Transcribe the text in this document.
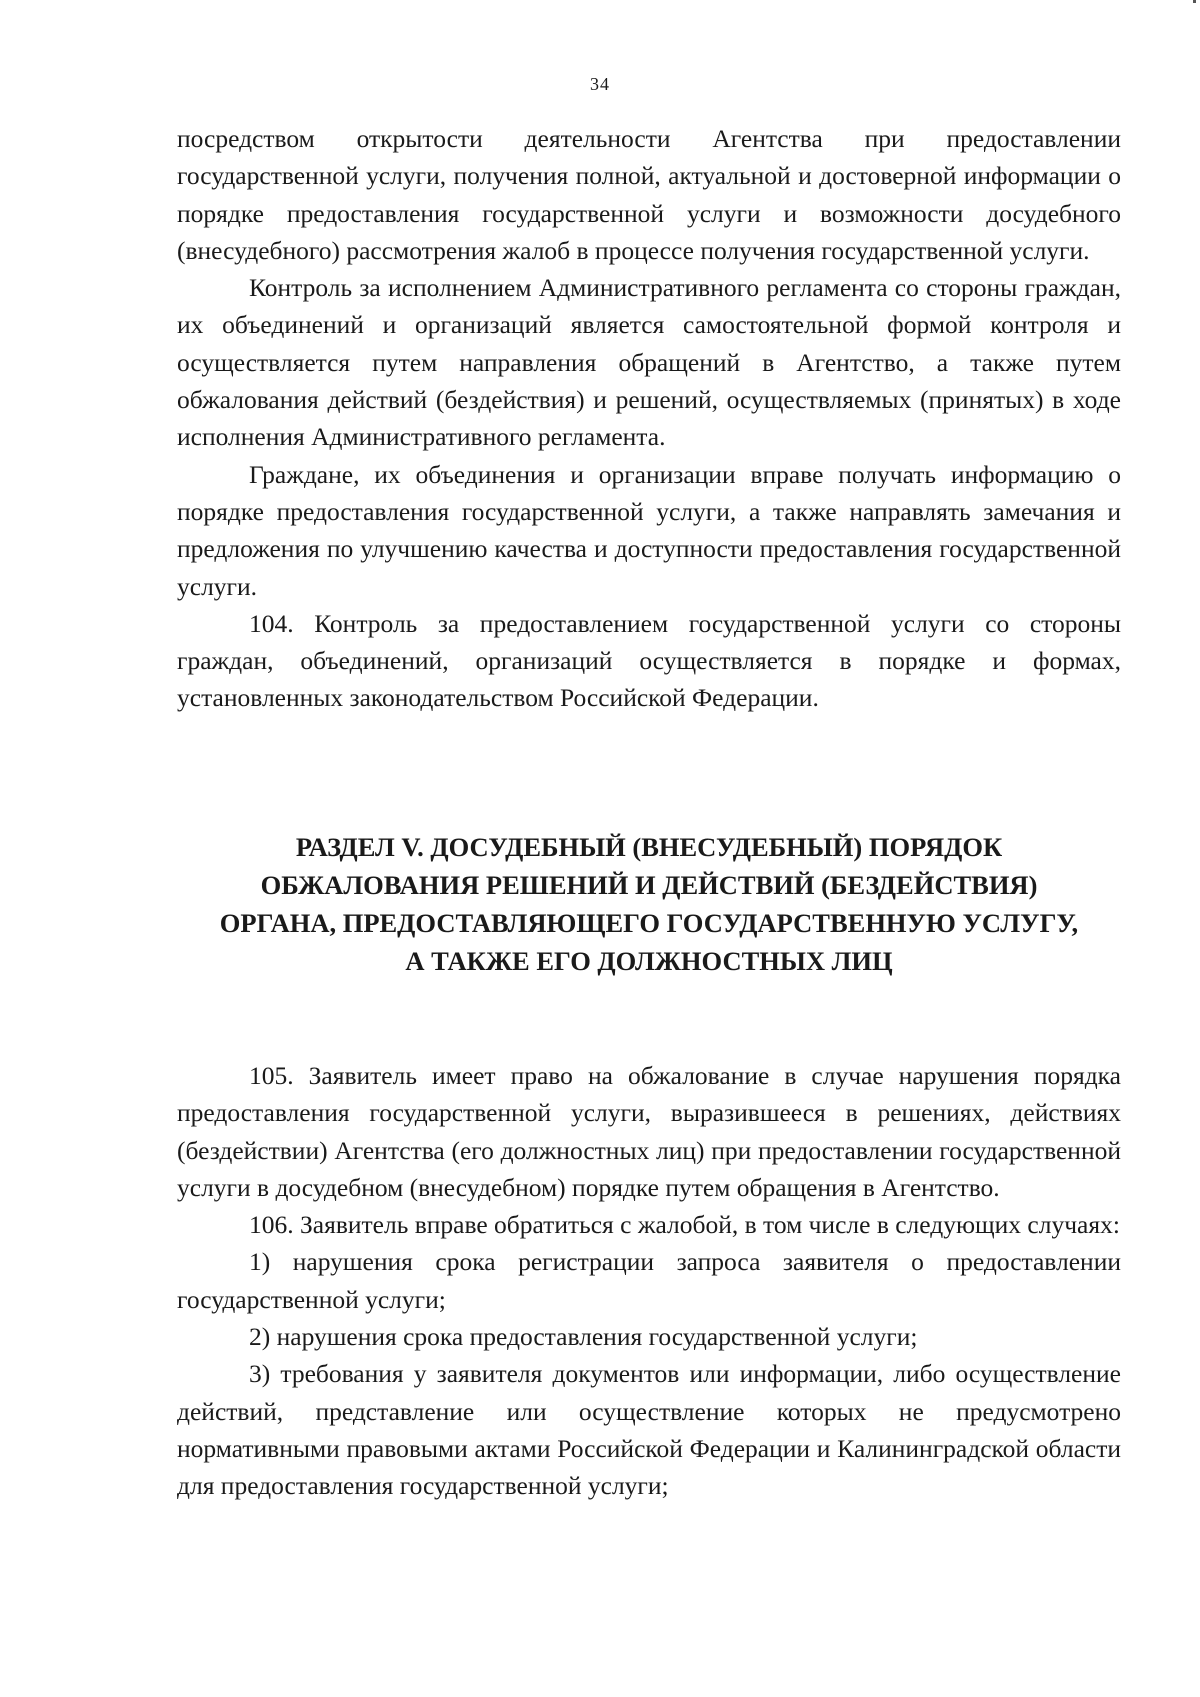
34

посредством открытости деятельности Агентства при предоставлении государственной услуги, получения полной, актуальной и достоверной информации о порядке предоставления государственной услуги и возможности досудебного (внесудебного) рассмотрения жалоб в процессе получения государственной услуги.

Контроль за исполнением Административного регламента со стороны граждан, их объединений и организаций является самостоятельной формой контроля и осуществляется путем направления обращений в Агентство, а также путем обжалования действий (бездействия) и решений, осуществляемых (принятых) в ходе исполнения Административного регламента.

Граждане, их объединения и организации вправе получать информацию о порядке предоставления государственной услуги, а также направлять замечания и предложения по улучшению качества и доступности предоставления государственной услуги.

104. Контроль за предоставлением государственной услуги со стороны граждан, объединений, организаций осуществляется в порядке и формах, установленных законодательством Российской Федерации.

РАЗДЕЛ V. ДОСУДЕБНЫЙ (ВНЕСУДЕБНЫЙ) ПОРЯДОК
ОБЖАЛОВАНИЯ РЕШЕНИЙ И ДЕЙСТВИЙ (БЕЗДЕЙСТВИЯ)
ОРГАНА, ПРЕДОСТАВЛЯЮЩЕГО ГОСУДАРСТВЕННУЮ УСЛУГУ,
А ТАКЖЕ ЕГО ДОЛЖНОСТНЫХ ЛИЦ

105. Заявитель имеет право на обжалование в случае нарушения порядка предоставления государственной услуги, выразившееся в решениях, действиях (бездействии) Агентства (его должностных лиц) при предоставлении государственной услуги в досудебном (внесудебном) порядке путем обращения в Агентство.

106. Заявитель вправе обратиться с жалобой, в том числе в следующих случаях:

1) нарушения срока регистрации запроса заявителя о предоставлении государственной услуги;

2) нарушения срока предоставления государственной услуги;

3) требования у заявителя документов или информации, либо осуществление действий, представление или осуществление которых не предусмотрено нормативными правовыми актами Российской Федерации и Калининградской области для предоставления государственной услуги;
